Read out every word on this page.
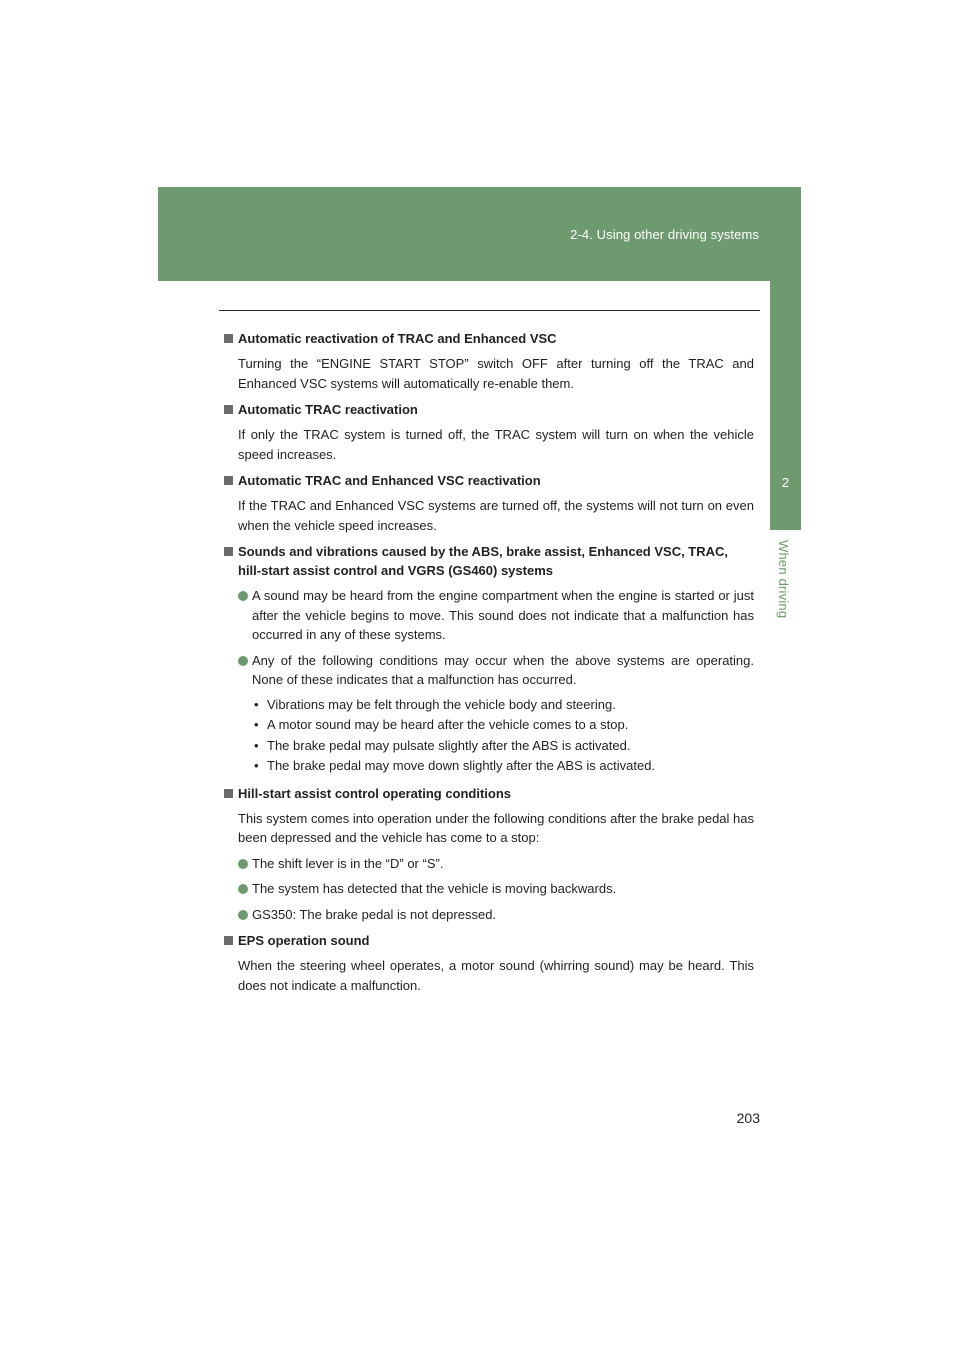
2-4. Using other driving systems
2
When driving
Automatic reactivation of TRAC and Enhanced VSC
Turning the “ENGINE START STOP” switch OFF after turning off the TRAC and Enhanced VSC systems will automatically re-enable them.
Automatic TRAC reactivation
If only the TRAC system is turned off, the TRAC system will turn on when the vehicle speed increases.
Automatic TRAC and Enhanced VSC reactivation
If the TRAC and Enhanced VSC systems are turned off, the systems will not turn on even when the vehicle speed increases.
Sounds and vibrations caused by the ABS, brake assist, Enhanced VSC, TRAC, hill-start assist control and VGRS (GS460) systems
A sound may be heard from the engine compartment when the engine is started or just after the vehicle begins to move. This sound does not indicate that a malfunction has occurred in any of these systems.
Any of the following conditions may occur when the above systems are operating. None of these indicates that a malfunction has occurred.
• Vibrations may be felt through the vehicle body and steering.
• A motor sound may be heard after the vehicle comes to a stop.
• The brake pedal may pulsate slightly after the ABS is activated.
• The brake pedal may move down slightly after the ABS is activated.
Hill-start assist control operating conditions
This system comes into operation under the following conditions after the brake pedal has been depressed and the vehicle has come to a stop:
The shift lever is in the “D” or “S”.
The system has detected that the vehicle is moving backwards.
GS350: The brake pedal is not depressed.
EPS operation sound
When the steering wheel operates, a motor sound (whirring sound) may be heard. This does not indicate a malfunction.
203
